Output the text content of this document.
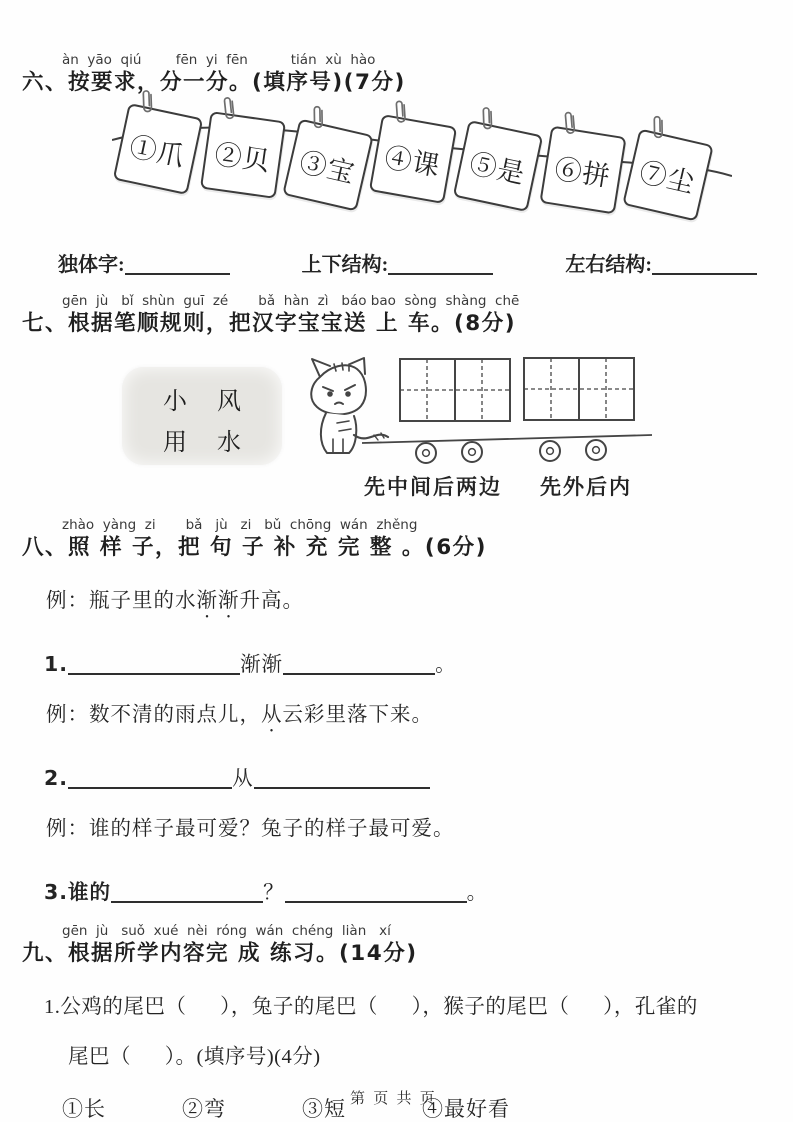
àn  yāo  qiú        fēn  yi  fēn          tián  xù  hào
六、按要求，分一分。(填序号)(7分)
①爪 ②贝 ③宝 ④课 ⑤是 ⑥拼 ⑦尘
独体字:	上下结构:	左右结构:
gēn  jù   bǐ  shùn  guī  zé       bǎ  hàn  zì   báo bao  sòng  shàng  chē
七、根据笔顺规则，把汉字宝宝送 上 车。(8分)
小 风
用 水
先中间后两边 先外后内
zhào  yàng  zi       bǎ   jù   zi   bǔ  chōng  wán  zhěng
八、照 样 子，把 句 子 补 充 完 整 。(6分)

例：瓶子里的水渐渐升高。

1.	渐渐	。

例：数不清的雨点儿，从云彩里落下来。

2.	从

例：谁的样子最可爱？兔子的样子最可爱。

3.谁的	？	。

gēn  jù   suǒ  xué  nèi  róng  wán  chéng  liàn   xí
九、根据所学内容完 成 练习。(14分)

1.公鸡的尾巴（      ），兔子的尾巴（      ），猴子的尾巴（      ），孔雀的

尾巴（      ）。(填序号)(4分)

①长	②弯	③短	④最好看
第页共页
